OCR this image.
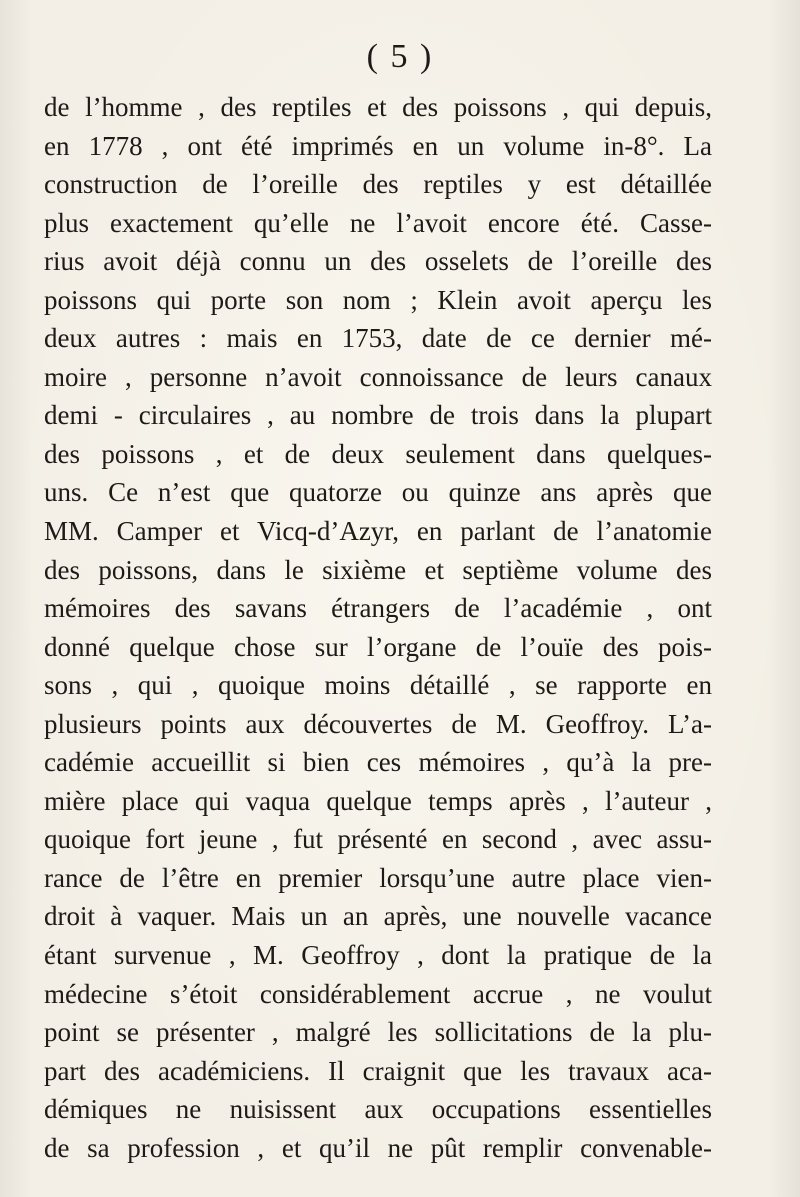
( 5 )
de l’homme , des reptiles et des poissons , qui depuis,
en 1778 , ont été imprimés en un volume in-8°. La
construction de l’oreille des reptiles y est détaillée
plus exactement qu’elle ne l’avoit encore été. Casse-
rius avoit déjà connu un des osselets de l’oreille des
poissons qui porte son nom ; Klein avoit aperçu les
deux autres : mais en 1753, date de ce dernier mé-
moire , personne n’avoit connoissance de leurs canaux
demi - circulaires , au nombre de trois dans la plupart
des poissons , et de deux seulement dans quelques-
uns. Ce n’est que quatorze ou quinze ans après que
MM. Camper et Vicq-d’Azyr, en parlant de l’anatomie
des poissons, dans le sixième et septième volume des
mémoires des savans étrangers de l’académie , ont
donné quelque chose sur l’organe de l’ouïe des pois-
sons , qui , quoique moins détaillé , se rapporte en
plusieurs points aux découvertes de M. Geoffroy. L’a-
cadémie accueillit si bien ces mémoires , qu’à la pre-
mière place qui vaqua quelque temps après , l’auteur ,
quoique fort jeune , fut présenté en second , avec assu-
rance de l’être en premier lorsqu’une autre place vien-
droit à vaquer. Mais un an après, une nouvelle vacance
étant survenue , M. Geoffroy , dont la pratique de la
médecine s’étoit considérablement accrue , ne voulut
point se présenter , malgré les sollicitations de la plu-
part des académiciens. Il craignit que les travaux aca-
démiques ne nuisissent aux occupations essentielles
de sa profession , et qu’il ne pût remplir convenable-
